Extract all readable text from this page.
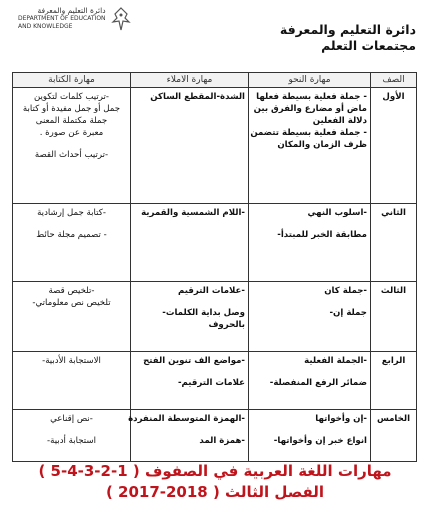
دائرة التعليم والمعرفة
DEPARTMENT OF EDUCATION
AND KNOWLEDGE	دائرة التعليم والمعرفة
مجتمعات التعلم
الصف	مهارة النحو	مهارة الاملاء	مهارة الكتابة
الأول	- جملة فعلية بسيطة فعلها
ماض أو مضارع والفرق بين
دلالة الفعلين
- جملة فعلية بسيطة تتضمن
ظرف الزمان والمكان	الشدة-المقطع الساكن	-ترتيب كلمات لتكوين
جمل أو جمل مفيدة أو كتابة
جملة مكتملة المعنى
معبرة عن صورة .
-ترتيب أحداث القصة

الثاني	-اسلوب النهي
مطابقة الخبر للمبتدأ-	-اللام الشمسية والقمرية	-كتابة جمل إرشادية
- تصميم مجلة حائط

الثالث	-جملة كان
جملة إن-	-علامات الترقيم
وصل بداية الكلمات-
بالحروف	-تلخيص قصة
تلخيص نص معلوماتي-

الرابع	-الجملة الفعلية
ضمائر الرفع المنفصلة-	-مواضع الف تنوين الفتح
علامات الترقيم-	الاستجابة الأدبية-

الخامس	-إن وأخواتها
انواع خبر إن وأخواتها-	-الهمزة المتوسطة المنفردة
-همزة المد	-نص إقناعي
استجابة أدبية-
مهارات اللغة العربية في الصفوف ( 1-2-3-4-5 )
الفصل الثالث ( 2018-2017 )
